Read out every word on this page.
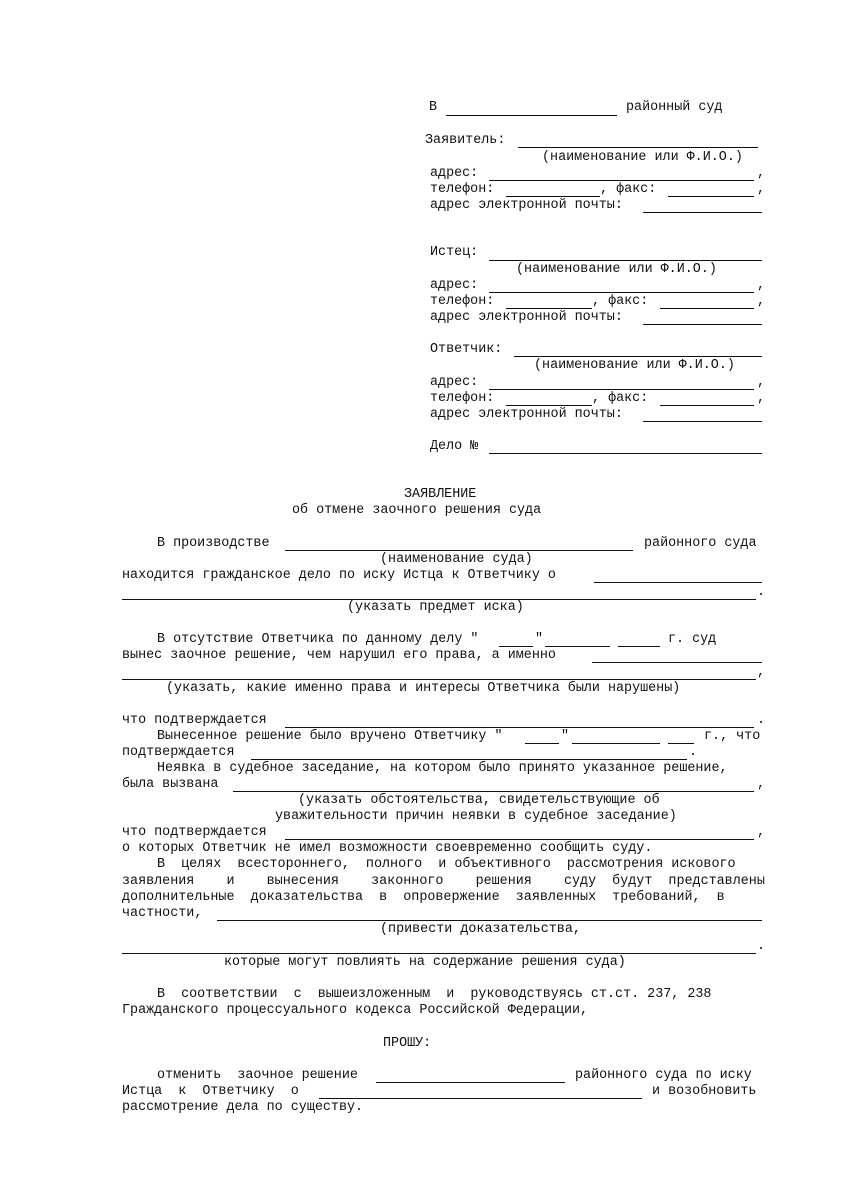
В	районный суд
Заявитель:
(наименование или Ф.И.О.)
адрес:	,
телефон:	, факс:	,
адрес электронной почты:
Истец:
(наименование или Ф.И.О.)
адрес:	,
телефон:	, факс:	,
адрес электронной почты:
Ответчик:
(наименование или Ф.И.О.)
адрес:	,
телефон:	, факс:	,
адрес электронной почты:
Дело №
ЗАЯВЛЕНИЕ
об отмене заочного решения суда
В производстве	районного суда
(наименование суда)
находится гражданское дело по иску Истца к Ответчику о
.
(указать предмет иска)
В отсутствие Ответчика по данному делу "	"	г. суд
вынес заочное решение, чем нарушил его права, а именно
,
(указать, какие именно права и интересы Ответчика были нарушены)
что подтверждается	.
Вынесенное решение было вручено Ответчику "	"	г., что
подтверждается	.
Неявка в судебное заседание, на котором было принято указанное решение,
была вызвана	,
(указать обстоятельства, свидетельствующие об
уважительности причин неявки в судебное заседание)
что подтверждается	,
о которых Ответчик не имел возможности своевременно сообщить суду.
В  целях  всестороннего,  полного  и объективного  рассмотрения искового
заявления    и    вынесения    законного    решения    суду  будут  представлены
дополнительные  доказательства  в  опровержение  заявленных  требований,  в
частности,
(привести доказательства,
.
которые могут повлиять на содержание решения суда)
В  соответствии  с  вышеизложенным  и  руководствуясь ст.ст. 237, 238
Гражданского процессуального кодекса Российской Федерации,
ПРОШУ:
отменить  заочное решение	районного суда по иску
Истца  к  Ответчику  о	и возобновить
рассмотрение дела по существу.
